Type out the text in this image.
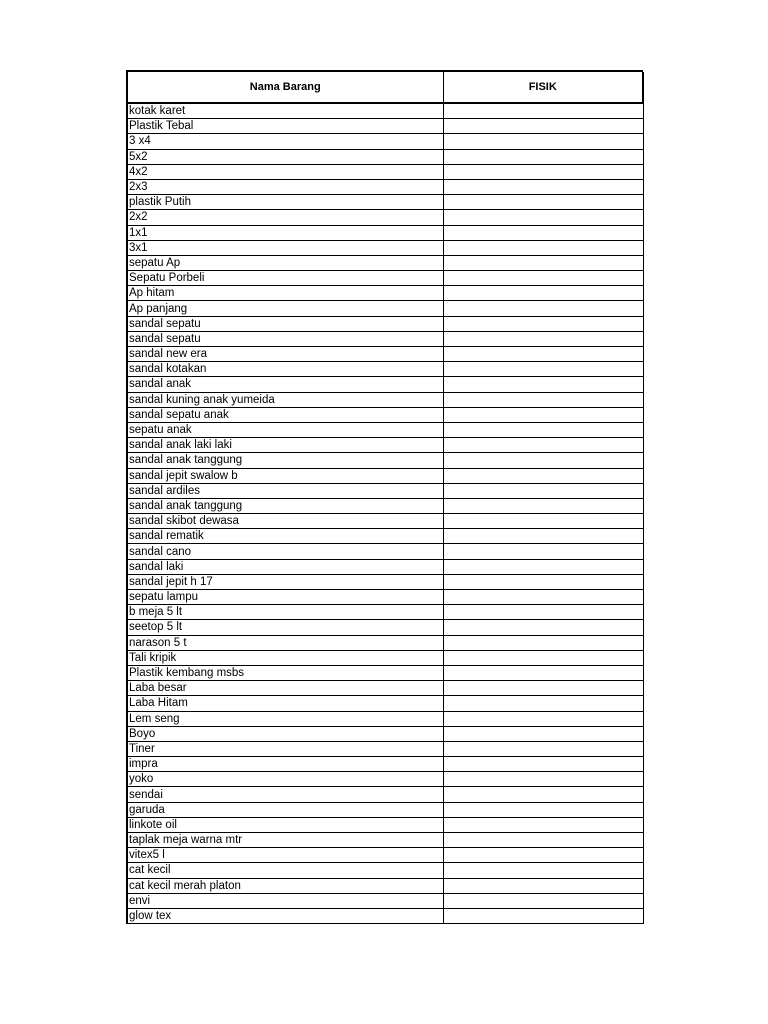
Nama Barang	FISIK
kotak karet	
Plastik Tebal	
3 x4	
5x2	
4x2	
2x3	
plastik Putih	
2x2	
1x1	
3x1	
sepatu Ap	
Sepatu Porbeli	
Ap hitam	
Ap panjang	
sandal sepatu	
sandal sepatu	
sandal new era	
sandal kotakan	
sandal anak	
sandal kuning anak yumeida	
sandal sepatu anak	
sepatu anak	
sandal anak laki laki	
sandal anak tanggung	
sandal jepit swalow b	
sandal ardiles	
sandal anak tanggung	
sandal skibot dewasa	
sandal rematik	
sandal cano	
sandal laki	
sandal jepit h 17	
sepatu lampu	
b meja 5 lt	
seetop 5 lt	
narason 5 t	
Tali kripik	
Plastik kembang msbs	
Laba besar	
Laba Hitam	
Lem seng	
Boyo	
Tiner	
impra	
yoko	
sendai	
garuda	
linkote oil	
taplak meja warna mtr	
vitex5 l	
cat kecil	
cat kecil merah platon	
envi	
glow tex	
